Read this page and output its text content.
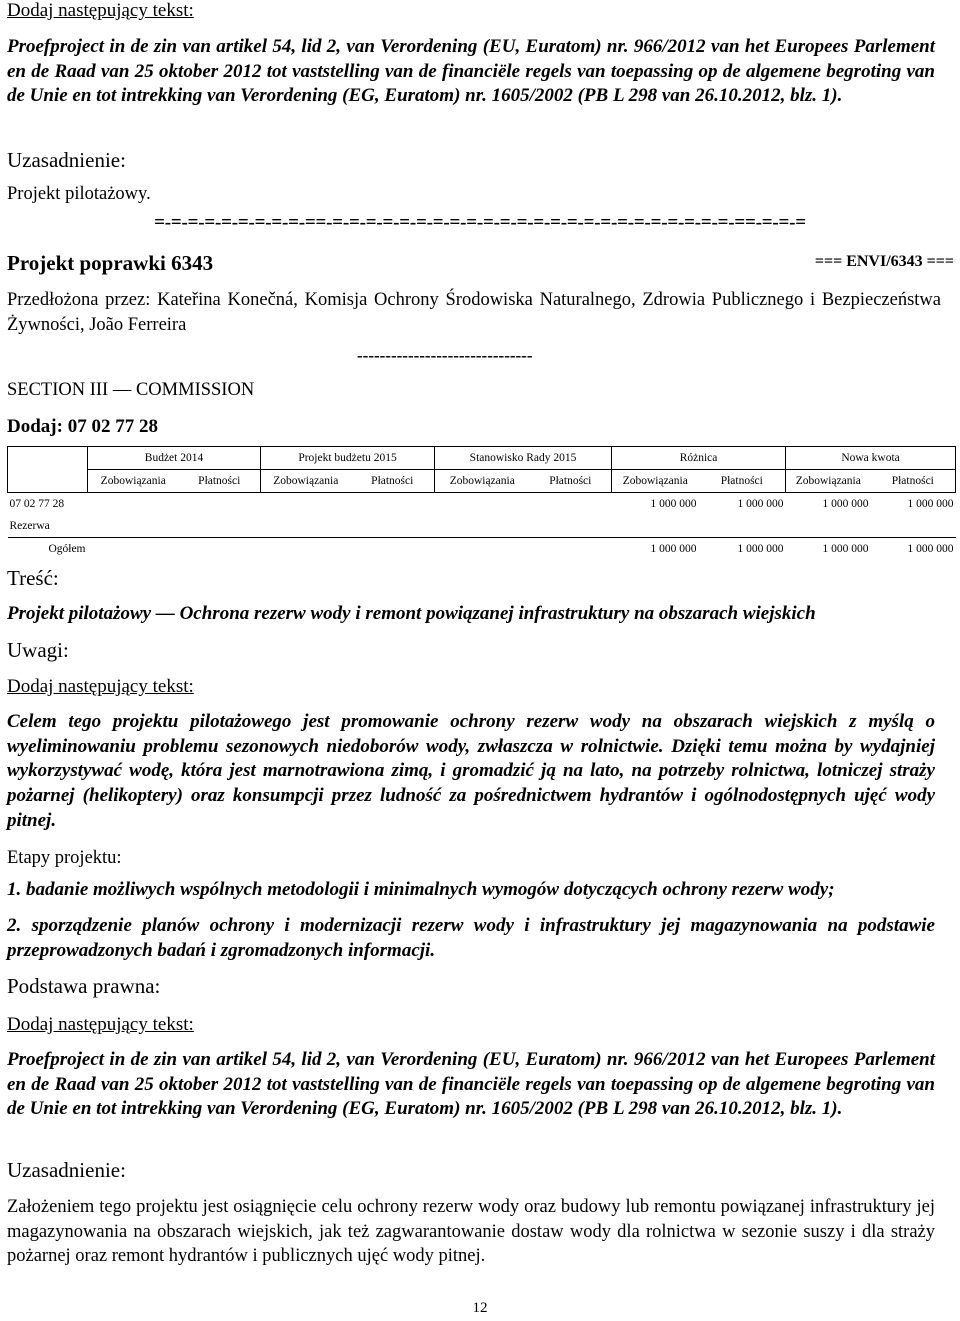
Dodaj następujący tekst:
Proefproject in de zin van artikel 54, lid 2, van Verordening (EU, Euratom) nr. 966/2012 van het Europees Parlement en de Raad van 25 oktober 2012 tot vaststelling van de financiële regels van toepassing op de algemene begroting van de Unie en tot intrekking van Verordening (EG, Euratom) nr. 1605/2002 (PB L 298 van 26.10.2012, blz. 1).
Uzasadnienie:
Projekt pilotażowy.
=-=-=-=-=-=-=-=-=-==-=-=-=-=-=-=-=-=-=-=-=-=-=-=-=-=-=-=-=-=-=-=-=-=-==-=-=-=
Projekt poprawki 6343	=== ENVI/6343 ===
Przedłożona przez: Kateřina Konečná, Komisja Ochrony Środowiska Naturalnego, Zdrowia Publicznego i Bezpieczeństwa Żywności, João Ferreira
-------------------------------
SECTION III — COMMISSION
Dodaj: 07 02 77 28
	Budżet 2014		Projekt budżetu 2015		Stanowisko Rady 2015		Różnica		Nowa kwota	
	Zobowiązania	Płatności	Zobowiązania	Płatności	Zobowiązania	Płatności	Zobowiązania	Płatności	Zobowiązania	Płatności
07 02 77 28							1 000 000	1 000 000	1 000 000	1 000 000
Rezerwa										
Ogółem							1 000 000	1 000 000	1 000 000	1 000 000
Treść:
Projekt pilotażowy — Ochrona rezerw wody i remont powiązanej infrastruktury na obszarach wiejskich
Uwagi:
Dodaj następujący tekst:
Celem tego projektu pilotażowego jest promowanie ochrony rezerw wody na obszarach wiejskich z myślą o wyeliminowaniu problemu sezonowych niedoborów wody, zwłaszcza w rolnictwie. Dzięki temu można by wydajniej wykorzystywać wodę, która jest marnotrawiona zimą, i gromadzić ją na lato, na potrzeby rolnictwa, lotniczej straży pożarnej (helikoptery) oraz konsumpcji przez ludność za pośrednictwem hydrantów i ogólnodostępnych ujęć wody pitnej.
Etapy projektu:
1. badanie możliwych wspólnych metodologii i minimalnych wymogów dotyczących ochrony rezerw wody;
2. sporządzenie planów ochrony i modernizacji rezerw wody i infrastruktury jej magazynowania na podstawie przeprowadzonych badań i zgromadzonych informacji.
Podstawa prawna:
Dodaj następujący tekst:
Proefproject in de zin van artikel 54, lid 2, van Verordening (EU, Euratom) nr. 966/2012 van het Europees Parlement en de Raad van 25 oktober 2012 tot vaststelling van de financiële regels van toepassing op de algemene begroting van de Unie en tot intrekking van Verordening (EG, Euratom) nr. 1605/2002 (PB L 298 van 26.10.2012, blz. 1).
Uzasadnienie:
Założeniem tego projektu jest osiągnięcie celu ochrony rezerw wody oraz budowy lub remontu powiązanej infrastruktury jej magazynowania na obszarach wiejskich, jak też zagwarantowanie dostaw wody dla rolnictwa w sezonie suszy i dla straży pożarnej oraz remont hydrantów i publicznych ujęć wody pitnej.
12
